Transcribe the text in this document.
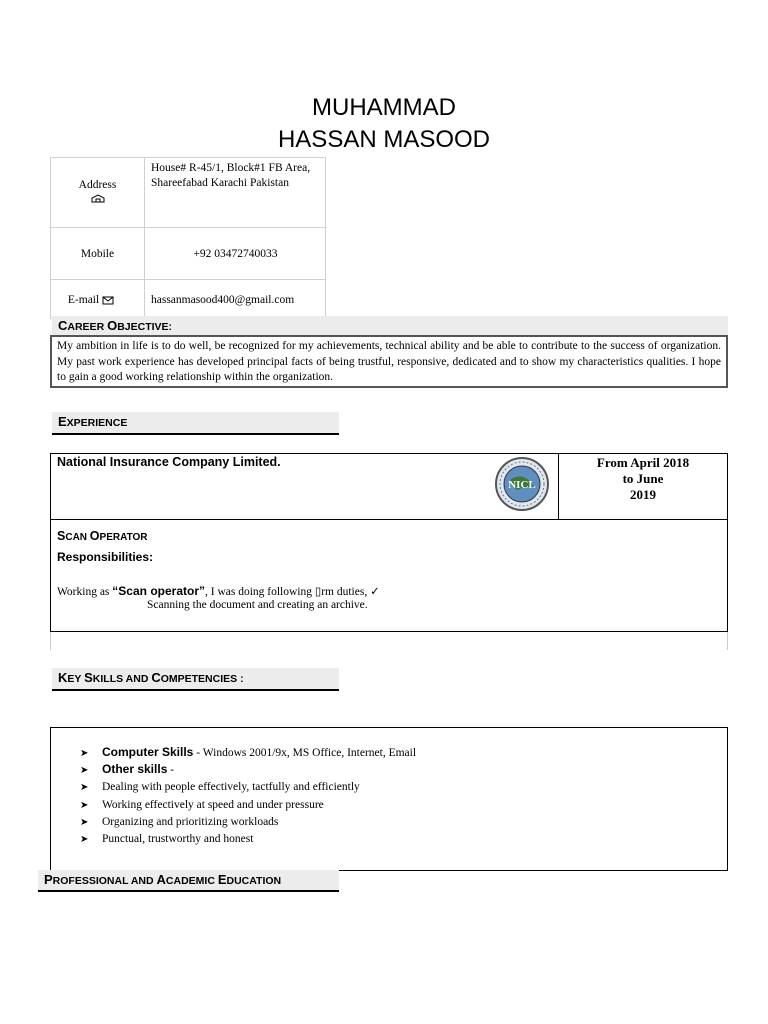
MUHAMMAD
HASSAN MASOOD
Address
House# R-45/1, Block#1 FB Area, Shareefabad Karachi Pakistan
Mobile	+92 03472740033
E-mail	hassanmasood400@gmail.com
CAREER OBJECTIVE:
My ambition in life is to do well, be recognized for my achievements, technical ability and be able to contribute to the success of organization. My past work experience has developed principal facts of being trustful, responsive, dedicated and to show my characteristics qualities. I hope to gain a good working relationship within the organization.
EXPERIENCE
National Insurance Company Limited.
NICL
From April 2018
to June
2019
SCAN OPERATOR
Responsibilities:
Working as “Scan operator”, I was doing following ▯rm duties, ✓
Scanning the document and creating an archive.
KEY SKILLS AND COMPETENCIES :
➤ Computer Skills - Windows 2001/9x, MS Office, Internet, Email
➤ Other skills -
➤ Dealing with people effectively, tactfully and efficiently
➤ Working effectively at speed and under pressure
➤ Organizing and prioritizing workloads
➤ Punctual, trustworthy and honest
PROFESSIONAL AND ACADEMIC EDUCATION
